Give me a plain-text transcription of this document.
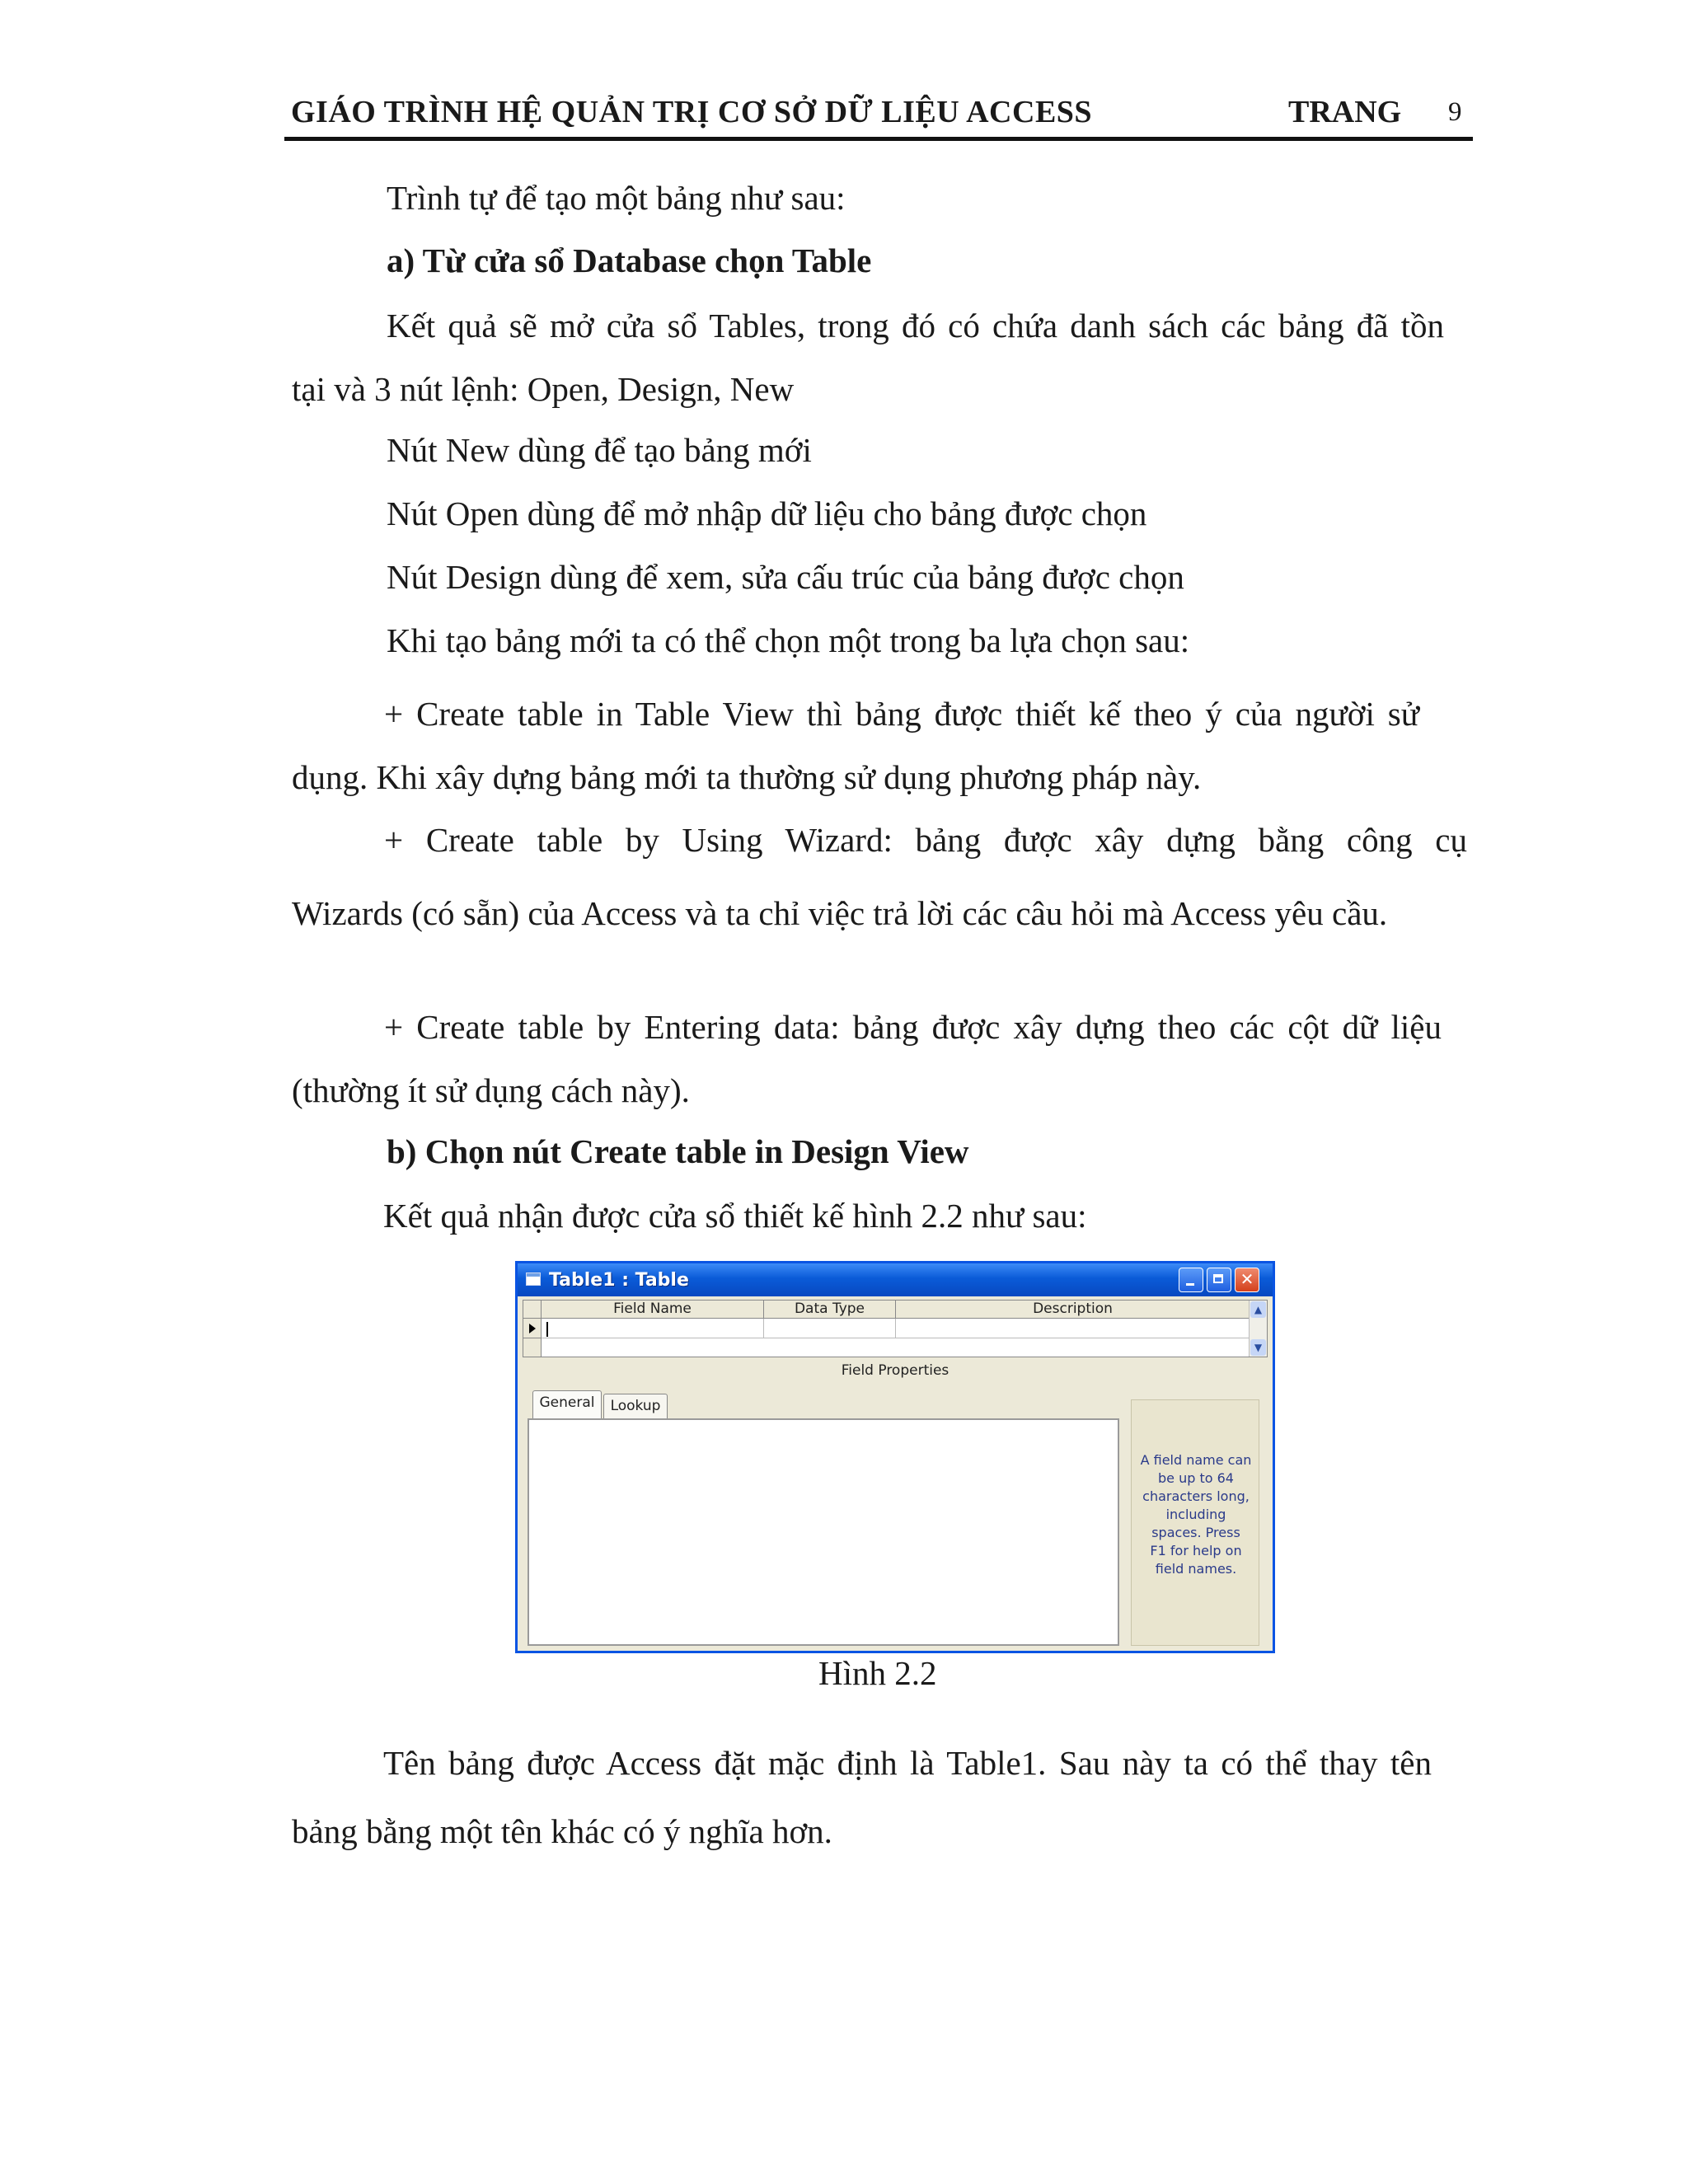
GIÁO TRÌNH HỆ QUẢN TRỊ CƠ SỞ DỮ LIỆU ACCESS	TRANG 9
Trình tự để tạo một bảng như sau:
a) Từ cửa sổ Database chọn Table
Kết quả sẽ mở cửa sổ Tables, trong đó có chứa danh sách các bảng đã tồn
tại và 3 nút lệnh: Open, Design, New
Nút New dùng để tạo bảng mới
Nút Open dùng để mở nhập dữ liệu cho bảng được chọn
Nút Design dùng để xem, sửa cấu trúc của bảng được chọn
Khi tạo bảng mới ta có thể chọn một trong ba lựa chọn sau:
+ Create table in Table View thì bảng được thiết kế theo ý của người sử
dụng. Khi xây dựng bảng mới ta thường sử dụng phương pháp này.
+ Create table by Using Wizard: bảng được xây dựng bằng công cụ
Wizards (có sẵn) của Access và ta chỉ việc trả lời các câu hỏi mà Access yêu cầu.
+ Create table by Entering data: bảng được xây dựng theo các cột dữ liệu
(thường ít sử dụng cách này).
b) Chọn nút Create table in Design View
Kết quả nhận được cửa sổ thiết kế hình 2.2 như sau:
Table1 : Table	✕
Field Name	Data Type	Description	▲
▼
Field Properties
General	Lookup
A field name can
be up to 64
characters long,
including
spaces. Press
F1 for help on
field names.
Hình 2.2
Tên bảng được Access đặt mặc định là Table1. Sau này ta có thể thay tên
bảng bằng một tên khác có ý nghĩa hơn.
